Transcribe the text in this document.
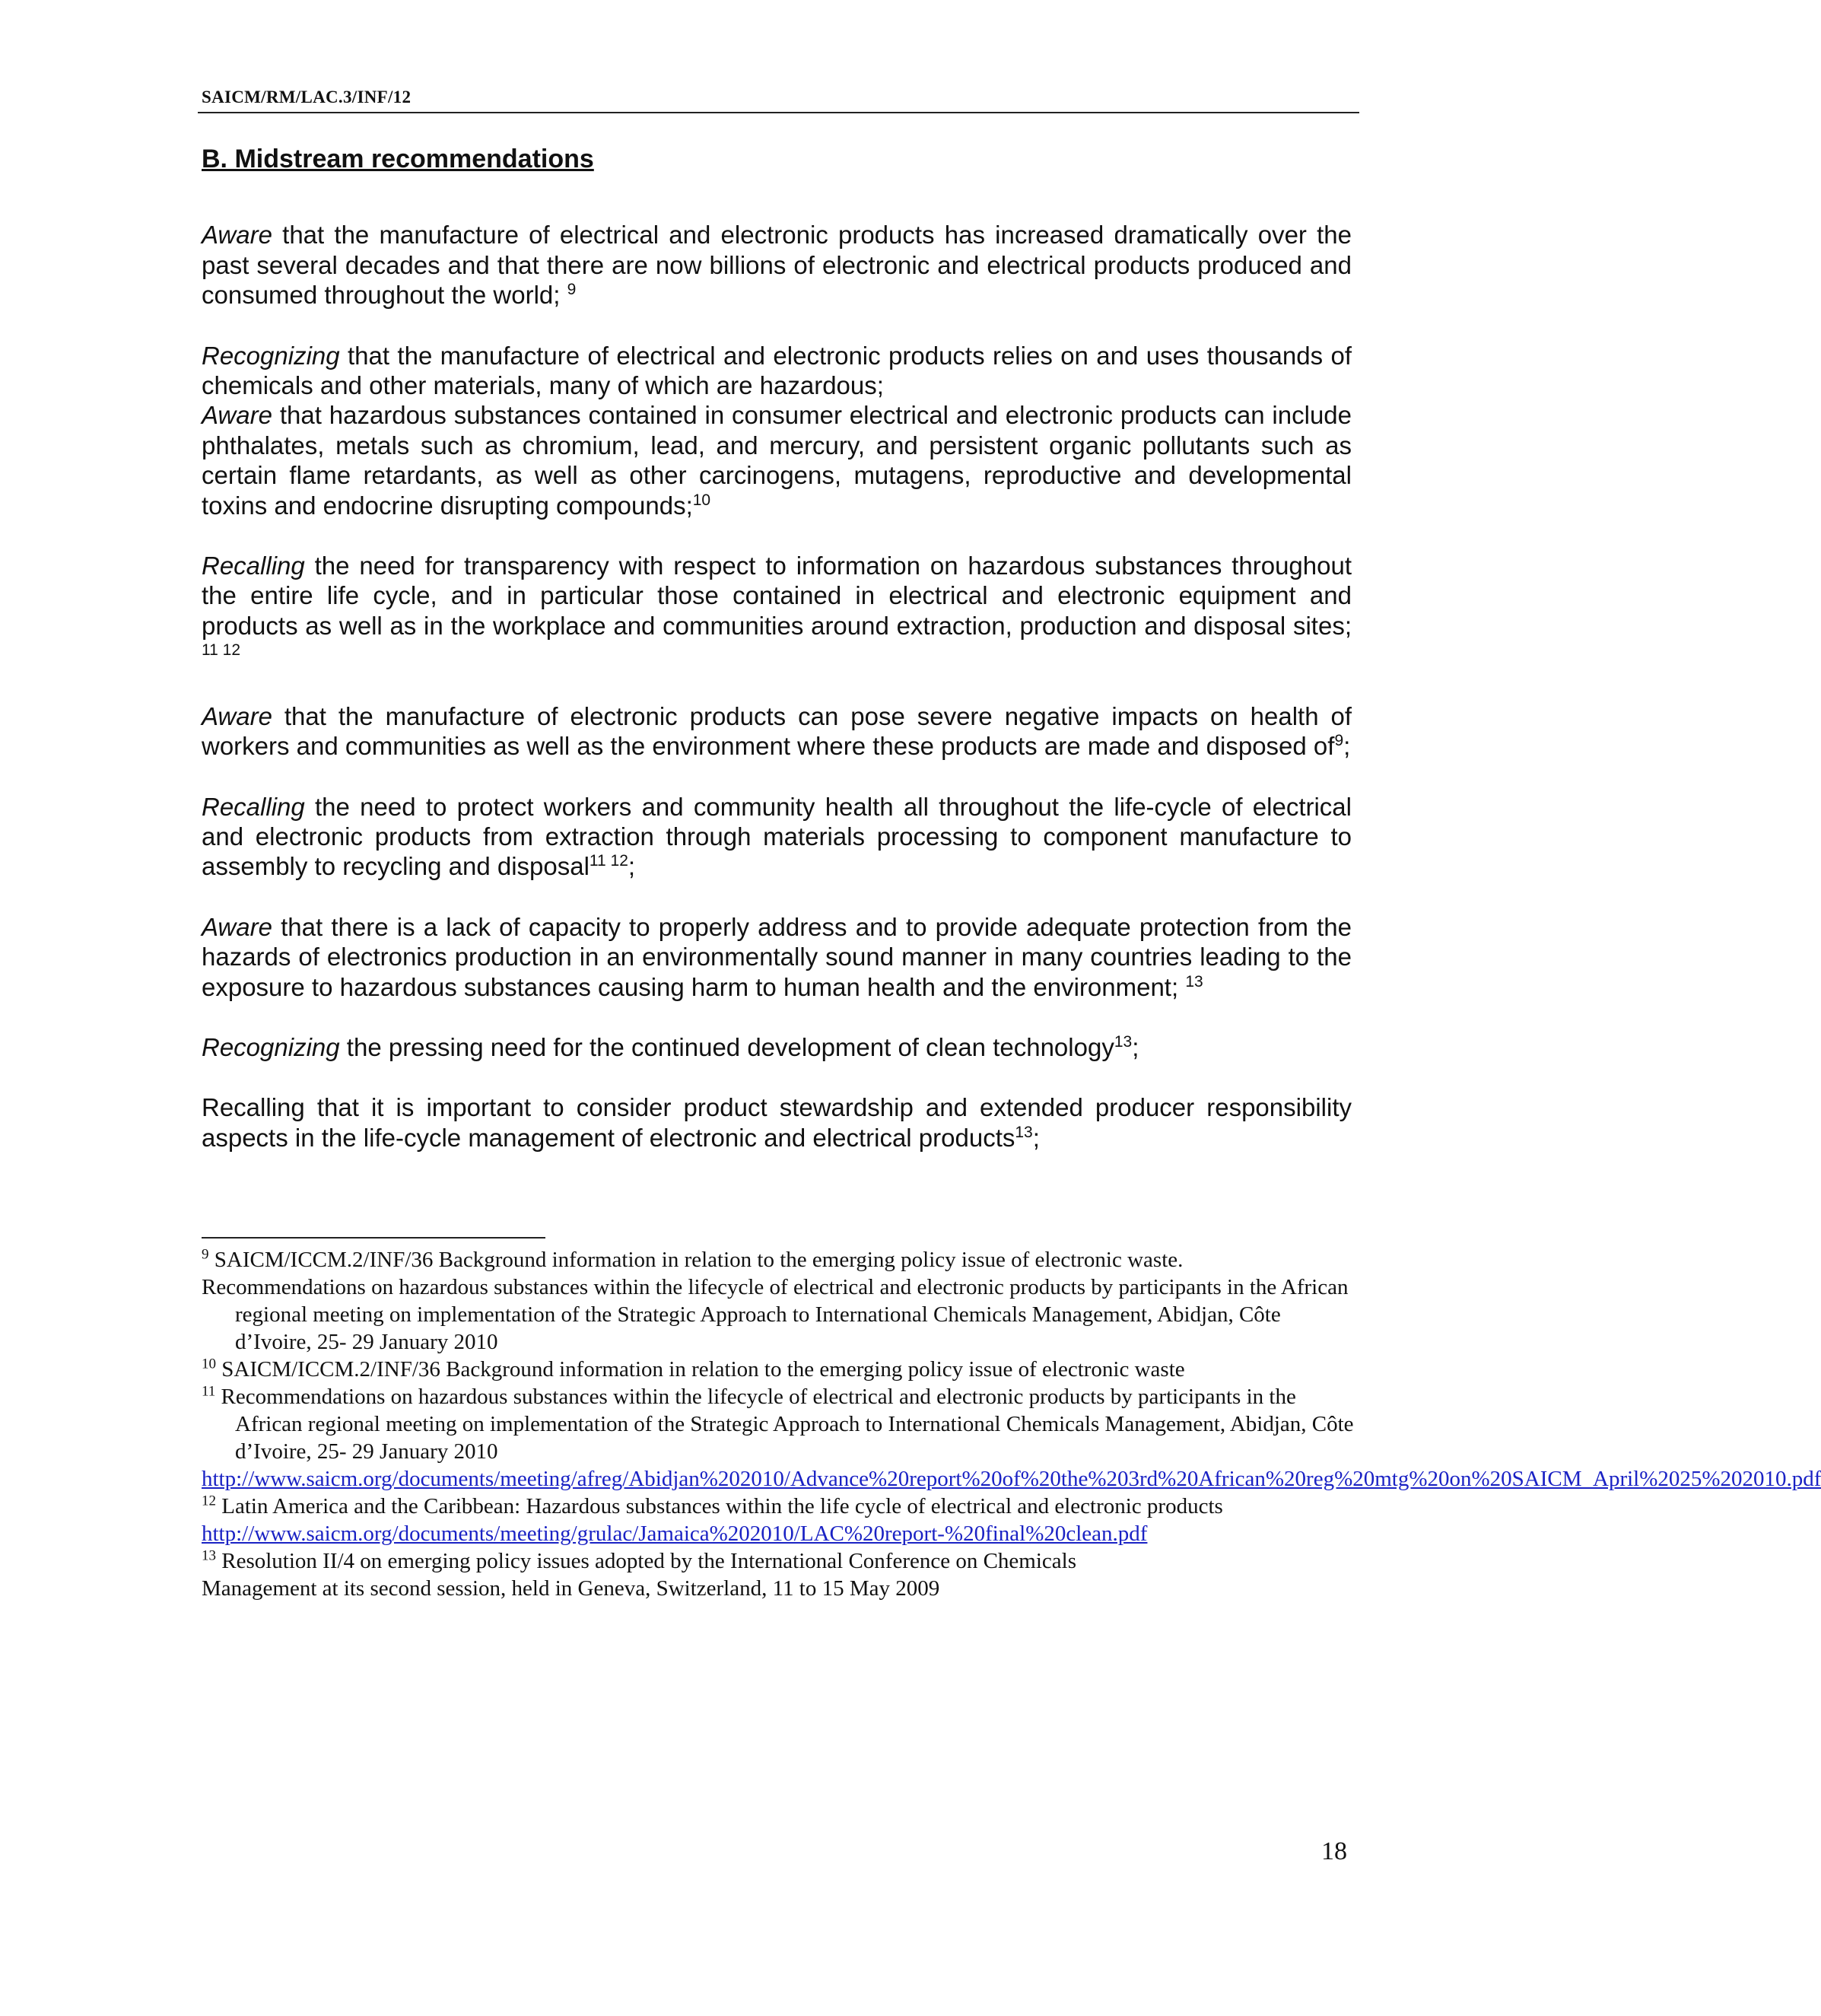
SAICM/RM/LAC.3/INF/12
B. Midstream recommendations

Aware that the manufacture of electrical and electronic products has increased dramatically over the past several decades and that there are now billions of electronic and electrical products produced and consumed throughout the world; $^9$

Recognizing that the manufacture of electrical and electronic products relies on and uses thousands of chemicals and other materials, many of which are hazardous;

Aware that hazardous substances contained in consumer electrical and electronic products can include phthalates, metals such as chromium, lead, and mercury, and persistent organic pollutants such as certain flame retardants, as well as other carcinogens, mutagens, reproductive and developmental toxins and endocrine disrupting compounds;$^{10}$

Recalling the need for transparency with respect to information on hazardous substances throughout the entire life cycle, and in particular those contained in electrical and electronic equipment and products as well as in the workplace and communities around extraction, production and disposal sites; $^{11 12}$

Aware that the manufacture of electronic products can pose severe negative impacts on health of workers and communities as well as the environment where these products are made and disposed $of^9$;

Recalling the need to protect workers and community health all throughout the life-cycle of electrical and electronic products from extraction through materials processing to component manufacture to assembly to recycling and disposal$^{11 12}$;

Aware that there is a lack of capacity to properly address and to provide adequate protection from the hazards of electronics production in an environmentally sound manner in many countries leading to the exposure to hazardous substances causing harm to human health and the environment; $^{13}$

Recognizing the pressing need for the continued development of clean technology$^{13}$;

Recalling that it is important to consider product stewardship and extended producer responsibility aspects in the life-cycle management of electronic and electrical products$^{13}$;

$^9$ SAICM/ICCM.2/INF/36 Background information in relation to the emerging policy issue of electronic waste.

Recommendations on hazardous substances within the lifecycle of electrical and electronic products by participants in the African regional meeting on implementation of the Strategic Approach to International Chemicals Management, Abidjan, Côte d’Ivoire, 25- 29 January 2010

$^{10}$ SAICM/ICCM.2/INF/36 Background information in relation to the emerging policy issue of electronic waste

$^{11}$ Recommendations on hazardous substances within the lifecycle of electrical and electronic products by participants in the African regional meeting on implementation of the Strategic Approach to International Chemicals Management, Abidjan, Côte d’Ivoire, 25- 29 January 2010

http://www.saicm.org/documents/meeting/afreg/Abidjan%202010/Advance%20report%20of%20the%203rd%20African%20reg%20mtg%20on%20SAICM_April%2025%202010.pdf

$^{12}$ Latin America and the Caribbean: Hazardous substances within the life cycle of electrical and electronic products

http://www.saicm.org/documents/meeting/grulac/Jamaica%202010/LAC%20report-%20final%20clean.pdf

$^{13}$ Resolution II/4 on emerging policy issues adopted by the International Conference on Chemicals

Management at its second session, held in Geneva, Switzerland, 11 to 15 May 2009

18
